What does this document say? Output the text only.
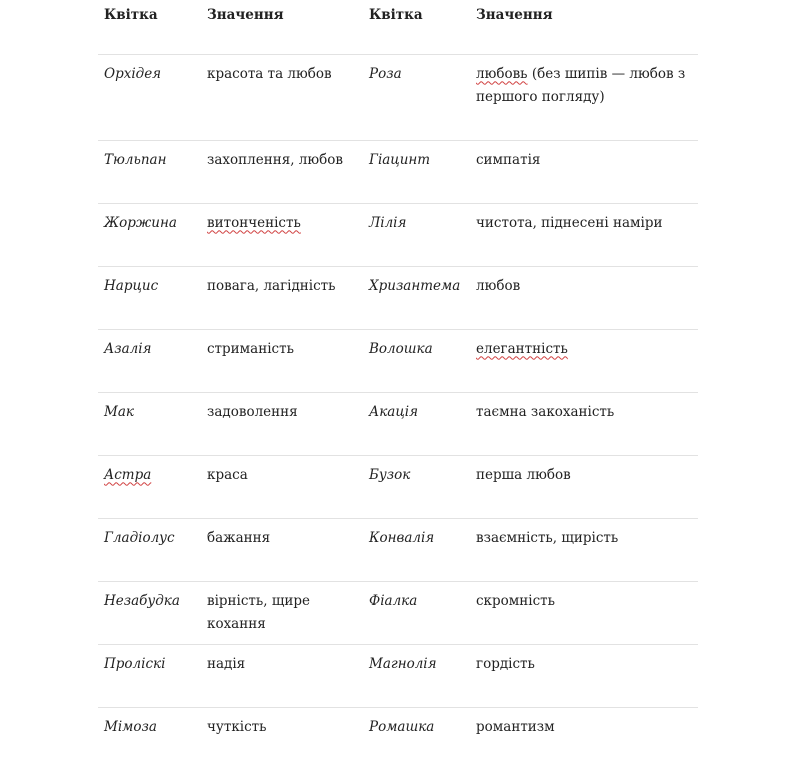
Квітка	Значення	Квітка	Значення
Орхідея	красота та любов	Роза	любовь (без шипів — любов з першого погляду)
Тюльпан	захоплення, любов	Гіацинт	симпатія
Жоржина	витонченість	Лілія	чистота, піднесені наміри
Нарцис	повага, лагідність	Хризантема	любов
Азалія	стриманість	Волошка	елегантність
Мак	задоволення	Акація	таємна закоханість
Астра	краса	Бузок	перша любов
Гладіолус	бажання	Конвалія	взаємність, щирість
Незабудка	вірність, щире кохання	Фіалка	скромність
Пролiскi	надія	Магнолія	гордість
Мімоза	чуткість	Ромашка	романтизм
